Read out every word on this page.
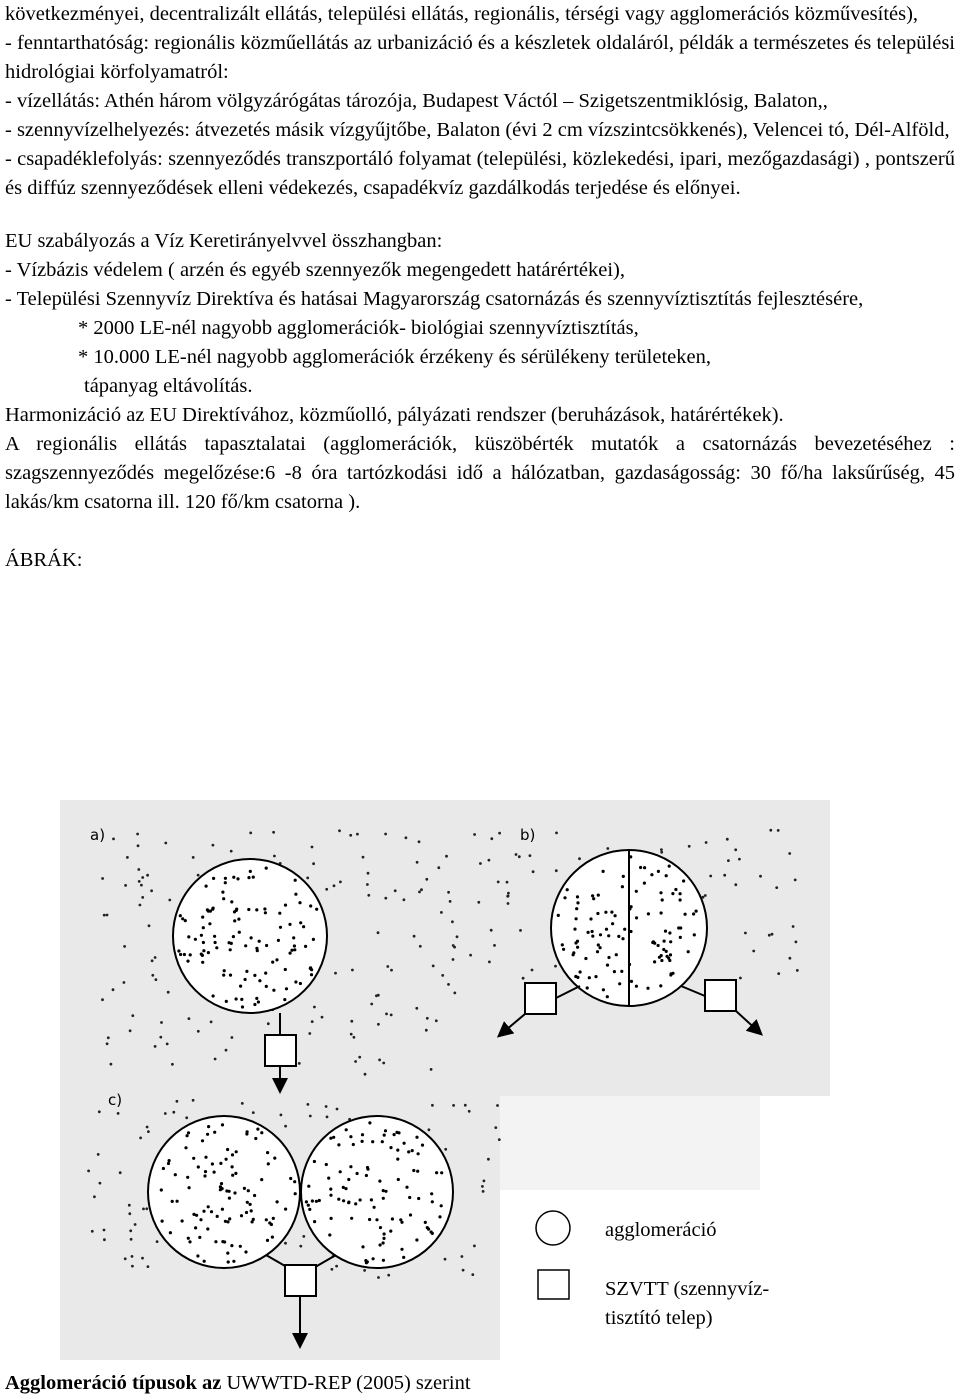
következményei, decentralizált ellátás, települési ellátás, regionális, térségi vagy agglomerációs közművesítés),

- fenntarthatóság: regionális közműellátás az urbanizáció és a készletek oldaláról, példák a természetes és települési hidrológiai körfolyamatról:

- vízellátás: Athén három völgyzárógátas tározója, Budapest Váctól – Szigetszentmiklósig, Balaton,,

- szennyvízelhelyezés: átvezetés másik vízgyűjtőbe, Balaton (évi 2 cm vízszintcsökkenés), Velencei tó, Dél-Alföld,

- csapadéklefolyás: szennyeződés transzportáló folyamat (települési, közlekedési, ipari, mezőgazdasági) , pontszerű és diffúz szennyeződések elleni védekezés, csapadékvíz gazdálkodás terjedése és előnyei.

EU szabályozás a Víz Keretirányelvvel összhangban:

- Vízbázis védelem ( arzén és egyéb szennyezők megengedett határértékei),

- Települési Szennyvíz Direktíva és hatásai Magyarország csatornázás és szennyvíztisztítás fejlesztésére,

* 2000 LE-nél nagyobb agglomerációk- biológiai szennyvíztisztítás,

* 10.000 LE-nél nagyobb agglomerációk érzékeny és sérülékeny területeken,

tápanyag eltávolítás.

Harmonizáció az EU Direktívához, közműolló, pályázati rendszer (beruházások, határértékek).

A regionális ellátás tapasztalatai (agglomerációk, küszöbérték mutatók a csatornázás bevezetéséhez : szagszennyeződés megelőzése:6 -8 óra tartózkodási idő a hálózatban, gazdaságosság: 30 fő/ha laksűrűség, 45 lakás/km csatorna ill. 120 fő/km csatorna ).

ÁBRÁK:

a)	b)
c)
agglomeráció
SZVTT (szennyvíz-
tisztító telep)
Agglomeráció típusok az UWWTD-REP (2005) szerint
